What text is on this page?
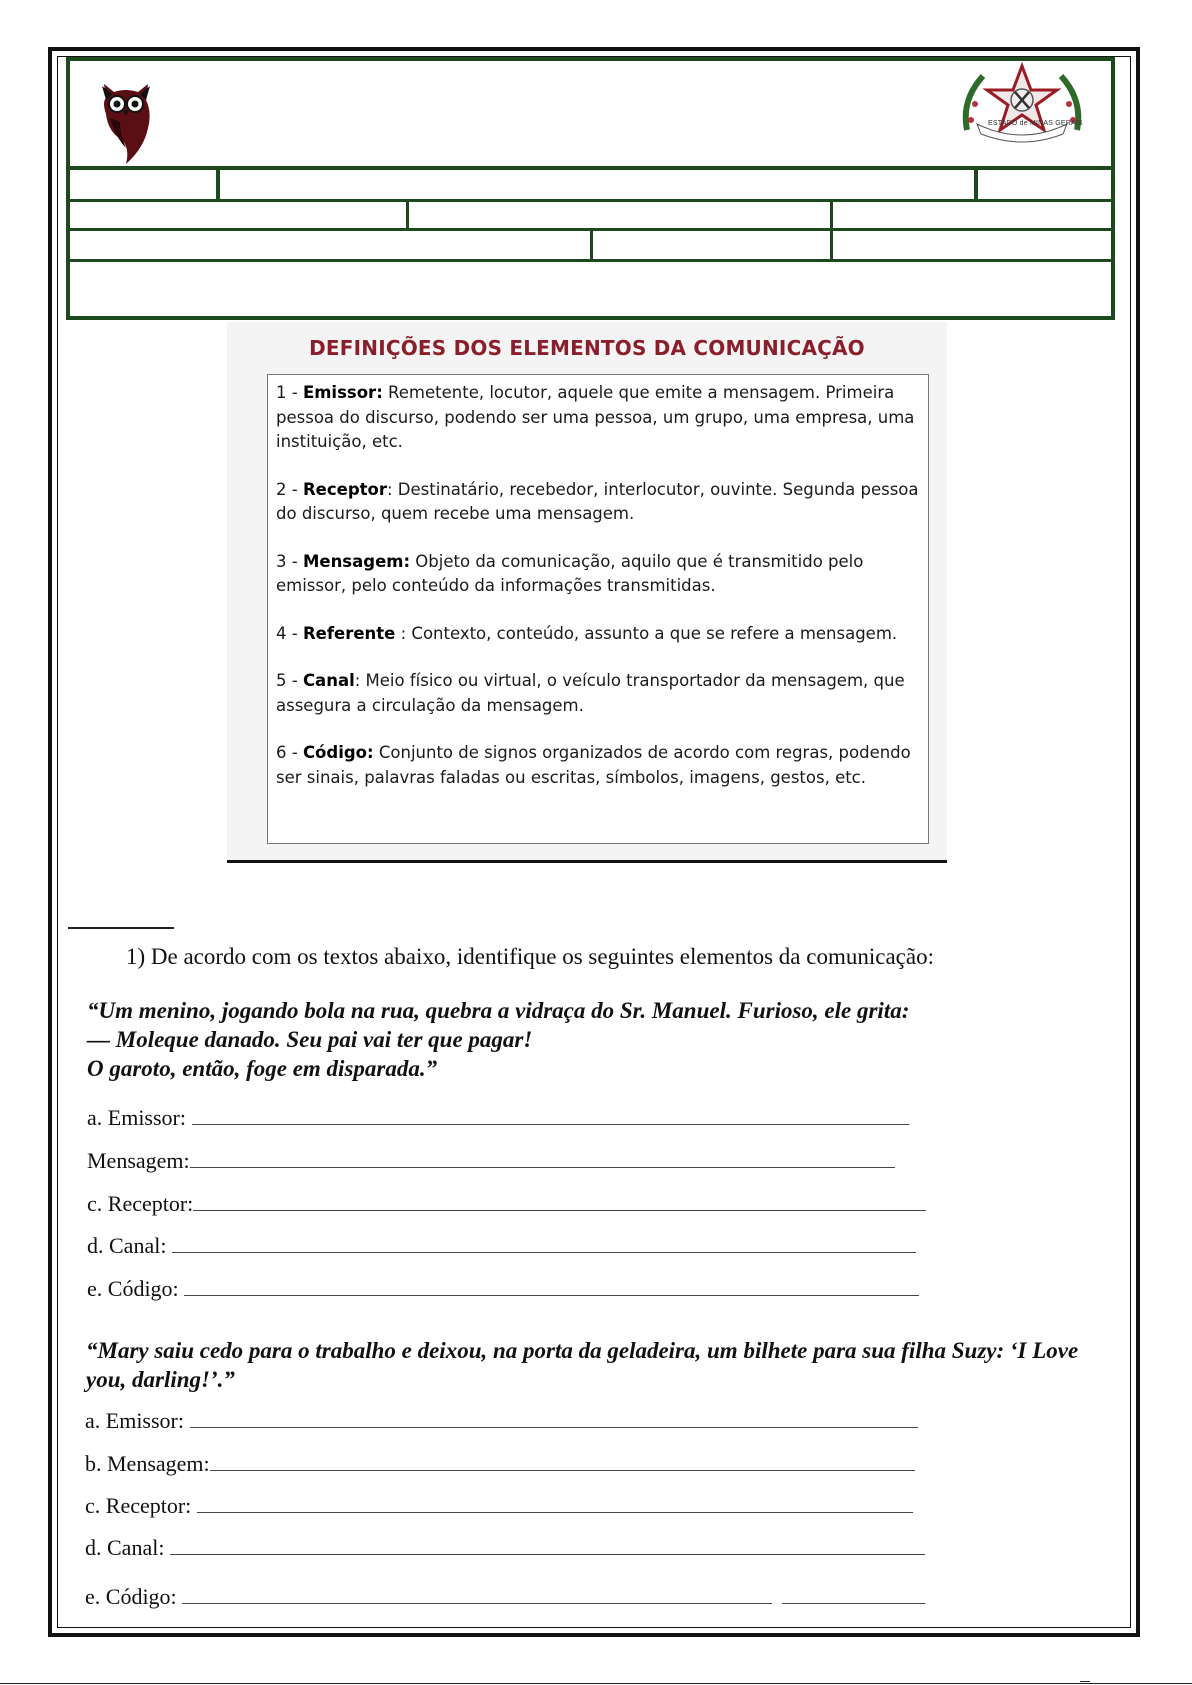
ESTADO de MINAS GERAIS
DEFINIÇÕES DOS ELEMENTOS DA COMUNICAÇÃO
1 - Emissor: Remetente, locutor, aquele que emite a mensagem. Primeira pessoa do discurso, podendo ser uma pessoa, um grupo, uma empresa, uma instituição, etc.
2 - Receptor: Destinatário, recebedor, interlocutor, ouvinte. Segunda pessoa do discurso, quem recebe uma mensagem.
3 - Mensagem: Objeto da comunicação, aquilo que é transmitido pelo emissor, pelo conteúdo da informações transmitidas.
4 - Referente : Contexto, conteúdo, assunto a que se refere a mensagem.
5 - Canal: Meio físico ou virtual, o veículo transportador da mensagem, que assegura a circulação da mensagem.
6 - Código: Conjunto de signos organizados de acordo com regras, podendo ser sinais, palavras faladas ou escritas, símbolos, imagens, gestos, etc.
1) De acordo com os textos abaixo, identifique os seguintes elementos da comunicação:
“Um menino, jogando bola na rua, quebra a vidraça do Sr. Manuel. Furioso, ele grita:
— Moleque danado. Seu pai vai ter que pagar!
O garoto, então, foge em disparada.”
a. Emissor:
Mensagem:
c. Receptor:
d. Canal:
e. Código:
“Mary saiu cedo para o trabalho e deixou, na porta da geladeira, um bilhete para sua filha Suzy: ‘I Love you, darling!’.”
a. Emissor:
b. Mensagem:
c. Receptor:
d. Canal:
e. Código:
